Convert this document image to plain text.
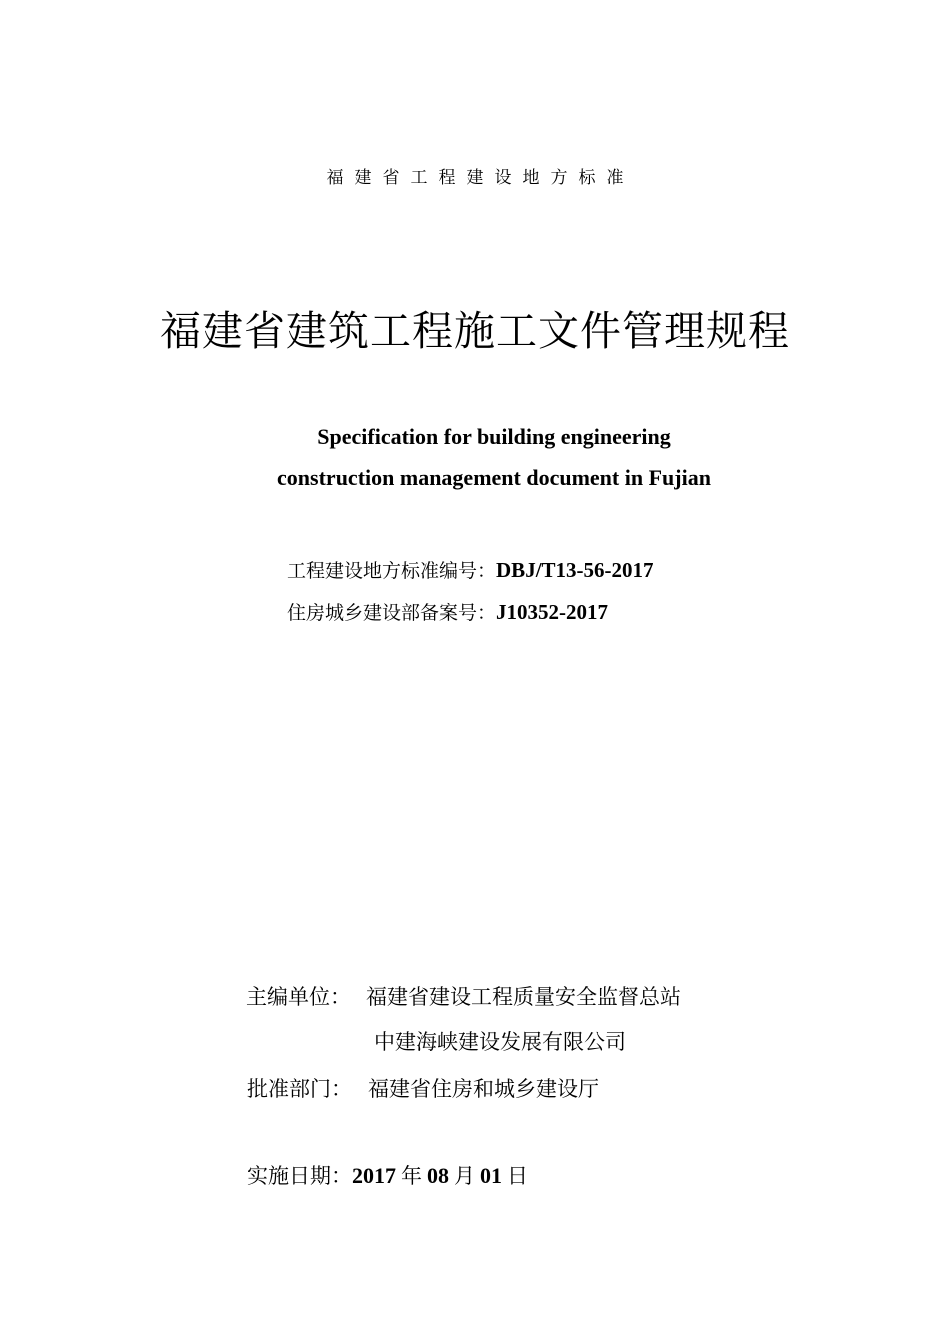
福建省工程建设地方标准
福建省建筑工程施工文件管理规程
Specification for building engineering
construction management document in Fujian
工程建设地方标准编号：DBJ/T13-56-2017
住房城乡建设部备案号：J10352-2017
主编单位： 福建省建设工程质量安全监督总站
中建海峡建设发展有限公司
批准部门： 福建省住房和城乡建设厅
实施日期：2017 年 08 月 01 日
